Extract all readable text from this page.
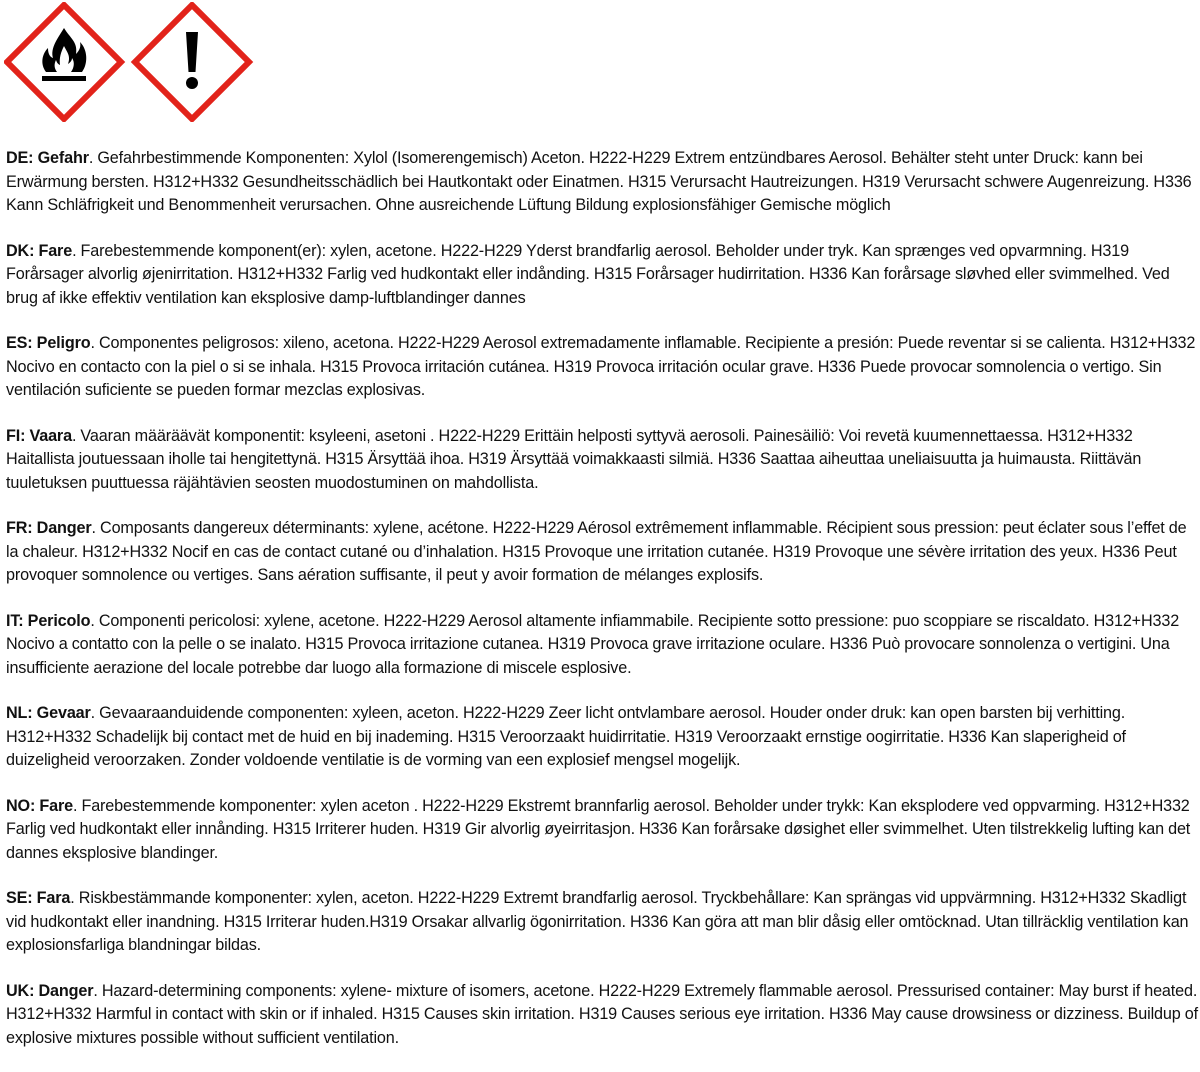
DE: Gefahr. Gefahrbestimmende Komponenten: Xylol (Isomerengemisch) Aceton. H222-H229 Extrem entzündbares Aerosol. Behälter steht unter Druck: kann bei Erwärmung bersten. H312+H332 Gesundheitsschädlich bei Hautkontakt oder Einatmen. H315 Verursacht Hautreizungen. H319 Verursacht schwere Augenreizung. H336 Kann Schläfrigkeit und Benommenheit verursachen. Ohne ausreichende Lüftung Bildung explosionsfähiger Gemische möglich

DK: Fare. Farebestemmende komponent(er): xylen, acetone. H222-H229 Yderst brandfarlig aerosol. Beholder under tryk. Kan sprænges ved opvarmning. H319 Forårsager alvorlig øjenirritation. H312+H332 Farlig ved hudkontakt eller indånding. H315 Forårsager hudirritation. H336 Kan forårsage sløvhed eller svimmelhed. Ved brug af ikke effektiv ventilation kan eksplosive damp-luftblandinger dannes

ES: Peligro. Componentes peligrosos: xileno, acetona. H222-H229 Aerosol extremadamente inflamable. Recipiente a presión: Puede reventar si se calienta. H312+H332 Nocivo en contacto con la piel o si se inhala. H315 Provoca irritación cutánea. H319 Provoca irritación ocular grave. H336 Puede provocar somnolencia o vertigo. Sin ventilación suficiente se pueden formar mezclas explosivas.

FI: Vaara. Vaaran määräävät komponentit: ksyleeni, asetoni . H222-H229 Erittäin helposti syttyvä aerosoli. Painesäiliö: Voi revetä kuumennettaessa. H312+H332 Haitallista joutuessaan iholle tai hengitettynä. H315 Ärsyttää ihoa. H319 Ärsyttää voimakkaasti silmiä. H336 Saattaa aiheuttaa uneliaisuutta ja huimausta. Riittävän tuuletuksen puuttuessa räjähtävien seosten muodostuminen on mahdollista.

FR: Danger. Composants dangereux déterminants: xylene, acétone. H222-H229 Aérosol extrêmement inflammable. Récipient sous pression: peut éclater sous l’effet de la chaleur. H312+H332 Nocif en cas de contact cutané ou d’inhalation. H315 Provoque une irritation cutanée. H319 Provoque une sévère irritation des yeux. H336 Peut provoquer somnolence ou vertiges. Sans aération suffisante, il peut y avoir formation de mélanges explosifs.

IT: Pericolo. Componenti pericolosi: xylene, acetone. H222-H229 Aerosol altamente infiammabile. Recipiente sotto pressione: puo scoppiare se riscaldato. H312+H332 Nocivo a contatto con la pelle o se inalato. H315 Provoca irritazione cutanea. H319 Provoca grave irritazione oculare. H336 Può provocare sonnolenza o vertigini. Una insufficiente aerazione del locale potrebbe dar luogo alla formazione di miscele esplosive.

NL: Gevaar. Gevaaraanduidende componenten: xyleen, aceton. H222-H229 Zeer licht ontvlambare aerosol. Houder onder druk: kan open barsten bij verhitting. H312+H332 Schadelijk bij contact met de huid en bij inademing. H315 Veroorzaakt huidirritatie. H319 Veroorzaakt ernstige oogirritatie. H336 Kan slaperigheid of duizeligheid veroorzaken. Zonder voldoende ventilatie is de vorming van een explosief mengsel mogelijk.

NO: Fare. Farebestemmende komponenter: xylen aceton . H222-H229 Ekstremt brannfarlig aerosol. Beholder under trykk: Kan eksplodere ved oppvarming. H312+H332 Farlig ved hudkontakt eller innånding. H315 Irriterer huden. H319 Gir alvorlig øyeirritasjon. H336 Kan forårsake døsighet eller svimmelhet. Uten tilstrekkelig lufting kan det dannes eksplosive blandinger.

SE: Fara. Riskbestämmande komponenter: xylen, aceton. H222-H229 Extremt brandfarlig aerosol. Tryckbehållare: Kan sprängas vid uppvärmning. H312+H332 Skadligt vid hudkontakt eller inandning. H315 Irriterar huden.H319 Orsakar allvarlig ögonirritation. H336 Kan göra att man blir dåsig eller omtöcknad. Utan tillräcklig ventilation kan explosionsfarliga blandningar bildas.

UK: Danger. Hazard-determining components: xylene- mixture of isomers, acetone. H222-H229 Extremely flammable aerosol. Pressurised container: May burst if heated. H312+H332 Harmful in contact with skin or if inhaled. H315 Causes skin irritation. H319 Causes serious eye irritation. H336 May cause drowsiness or dizziness. Buildup of explosive mixtures possible without sufficient ventilation.
